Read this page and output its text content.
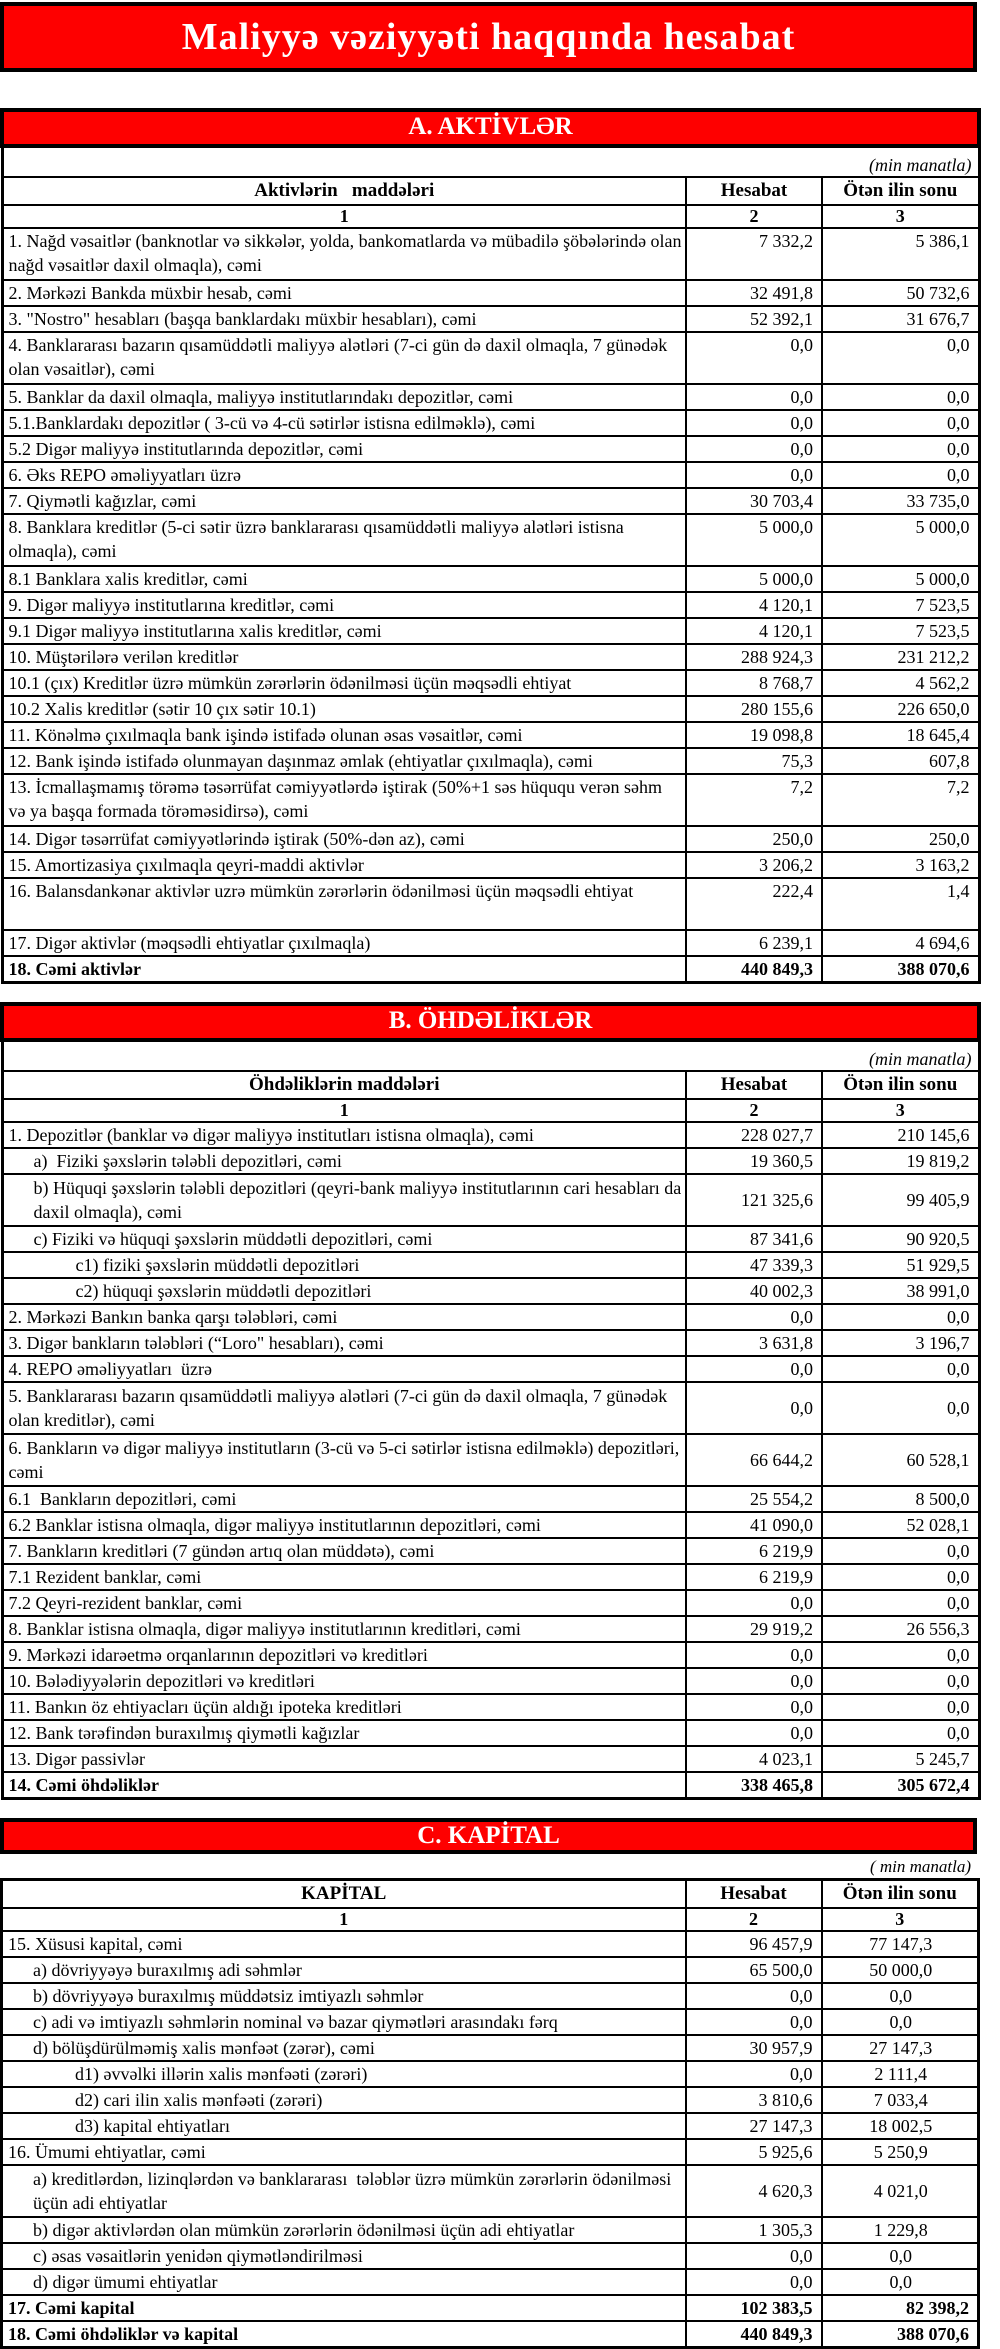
Maliyyə vəziyyəti haqqında hesabat
A. AKTİVLƏR		
(min manatla)		
Aktivlərin   maddələri	Hesabat	Ötən ilin sonu
1	2	3
1. Nağd vəsaitlər (banknotlar və sikkələr, yolda, bankomatlarda və mübadilə şöbələrində olan nağd vəsaitlər daxil olmaqla), cəmi	7 332,2	5 386,1
2. Mərkəzi Bankda müxbir hesab, cəmi	32 491,8	50 732,6
3. "Nostro" hesabları (başqa banklardakı müxbir hesabları), cəmi	52 392,1	31 676,7
4. Banklararası bazarın qısamüddətli maliyyə alətləri (7-ci gün də daxil olmaqla, 7 günədək olan vəsaitlər), cəmi	0,0	0,0
5. Banklar da daxil olmaqla, maliyyə institutlarındakı depozitlər, cəmi	0,0	0,0
5.1.Banklardakı depozitlər ( 3-cü və 4-cü sətirlər istisna edilməklə), cəmi	0,0	0,0
5.2 Digər maliyyə institutlarında depozitlər, cəmi	0,0	0,0
6. Əks REPO əməliyyatları üzrə	0,0	0,0
7. Qiymətli kağızlar, cəmi	30 703,4	33 735,0
8. Banklara kreditlər (5-ci sətir üzrə banklararası qısamüddətli maliyyə alətləri istisna olmaqla), cəmi	5 000,0	5 000,0
8.1 Banklara xalis kreditlər, cəmi	5 000,0	5 000,0
9. Digər maliyyə institutlarına kreditlər, cəmi	4 120,1	7 523,5
9.1 Digər maliyyə institutlarına xalis kreditlər, cəmi	4 120,1	7 523,5
10. Müştərilərə verilən kreditlər	288 924,3	231 212,2
10.1 (çıx) Kreditlər üzrə mümkün zərərlərin ödənilməsi üçün məqsədli ehtiyat	8 768,7	4 562,2
10.2 Xalis kreditlər (sətir 10 çıx sətir 10.1)	280 155,6	226 650,0
11. Könəlmə çıxılmaqla bank işində istifadə olunan əsas vəsaitlər, cəmi	19 098,8	18 645,4
12. Bank işində istifadə olunmayan daşınmaz əmlak (ehtiyatlar çıxılmaqla), cəmi	75,3	607,8
13. İcmallaşmamış törəmə təsərrüfat cəmiyyətlərdə iştirak (50%+1 səs hüququ verən səhm və ya başqa formada törəməsidirsə), cəmi	7,2	7,2
14. Digər təsərrüfat cəmiyyətlərində iştirak (50%-dən az), cəmi	250,0	250,0
15. Amortizasiya çıxılmaqla qeyri-maddi aktivlər	3 206,2	3 163,2
16. Balansdankənar aktivlər uzrə mümkün zərərlərin ödənilməsi üçün məqsədli ehtiyat	222,4	1,4
17. Digər aktivlər (məqsədli ehtiyatlar çıxılmaqla)	6 239,1	4 694,6
18. Cəmi aktivlər	440 849,3	388 070,6
B. ÖHDƏLİKLƏR		
(min manatla)		
Öhdəliklərin maddələri	Hesabat	Ötən ilin sonu
1	2	3
1. Depozitlər (banklar və digər maliyyə institutları istisna olmaqla), cəmi	228 027,7	210 145,6
a)  Fiziki şəxslərin tələbli depozitləri, cəmi	19 360,5	19 819,2
b) Hüquqi şəxslərin tələbli depozitləri (qeyri-bank maliyyə institutlarının cari hesabları da daxil olmaqla), cəmi	121 325,6	99 405,9
c) Fiziki və hüquqi şəxslərin müddətli depozitləri, cəmi	87 341,6	90 920,5
c1) fiziki şəxslərin müddətli depozitləri	47 339,3	51 929,5
c2) hüquqi şəxslərin müddətli depozitləri	40 002,3	38 991,0
2. Mərkəzi Bankın banka qarşı tələbləri, cəmi	0,0	0,0
3. Digər bankların tələbləri (“Loro" hesabları), cəmi	3 631,8	3 196,7
4. REPO əməliyyatları  üzrə	0,0	0,0
5. Banklararası bazarın qısamüddətli maliyyə alətləri (7-ci gün də daxil olmaqla, 7 günədək olan kreditlər), cəmi	0,0	0,0
6. Bankların və digər maliyyə institutların (3-cü və 5-ci sətirlər istisna edilməklə) depozitləri, cəmi	66 644,2	60 528,1
6.1  Bankların depozitləri, cəmi	25 554,2	8 500,0
6.2 Banklar istisna olmaqla, digər maliyyə institutlarının depozitləri, cəmi	41 090,0	52 028,1
7. Bankların kreditləri (7 gündən artıq olan müddətə), cəmi	6 219,9	0,0
7.1 Rezident banklar, cəmi	6 219,9	0,0
7.2 Qeyri-rezident banklar, cəmi	0,0	0,0
8. Banklar istisna olmaqla, digər maliyyə institutlarının kreditləri, cəmi	29 919,2	26 556,3
9. Mərkəzi idarəetmə orqanlarının depozitləri və kreditləri	0,0	0,0
10. Bələdiyyələrin depozitləri və kreditləri	0,0	0,0
11. Bankın öz ehtiyacları üçün aldığı ipoteka kreditləri	0,0	0,0
12. Bank tərəfindən buraxılmış qiymətli kağızlar	0,0	0,0
13. Digər passivlər	4 023,1	5 245,7
14. Cəmi öhdəliklər	338 465,8	305 672,4
C. KAPİTAL
( min manatla)
KAPİTAL	Hesabat	Ötən ilin sonu
1	2	3
15. Xüsusi kapital, cəmi	96 457,9	77 147,3
a) dövriyyəyə buraxılmış adi səhmlər	65 500,0	50 000,0
b) dövriyyəyə buraxılmış müddətsiz imtiyazlı səhmlər	0,0	0,0
c) adi və imtiyazlı səhmlərin nominal və bazar qiymətləri arasındakı fərq	0,0	0,0
d) bölüşdürülməmiş xalis mənfəət (zərər), cəmi	30 957,9	27 147,3
d1) əvvəlki illərin xalis mənfəəti (zərəri)	0,0	2 111,4
d2) cari ilin xalis mənfəəti (zərəri)	3 810,6	7 033,4
d3) kapital ehtiyatları	27 147,3	18 002,5
16. Ümumi ehtiyatlar, cəmi	5 925,6	5 250,9
a) kreditlərdən, lizinqlərdən və banklararası  tələblər üzrə mümkün zərərlərin ödənilməsi üçün adi ehtiyatlar	4 620,3	4 021,0
b) digər aktivlərdən olan mümkün zərərlərin ödənilməsi üçün adi ehtiyatlar	1 305,3	1 229,8
c) əsas vəsaitlərin yenidən qiymətləndirilməsi	0,0	0,0
d) digər ümumi ehtiyatlar	0,0	0,0
17. Cəmi kapital	102 383,5	82 398,2
18. Cəmi öhdəliklər və kapital	440 849,3	388 070,6
